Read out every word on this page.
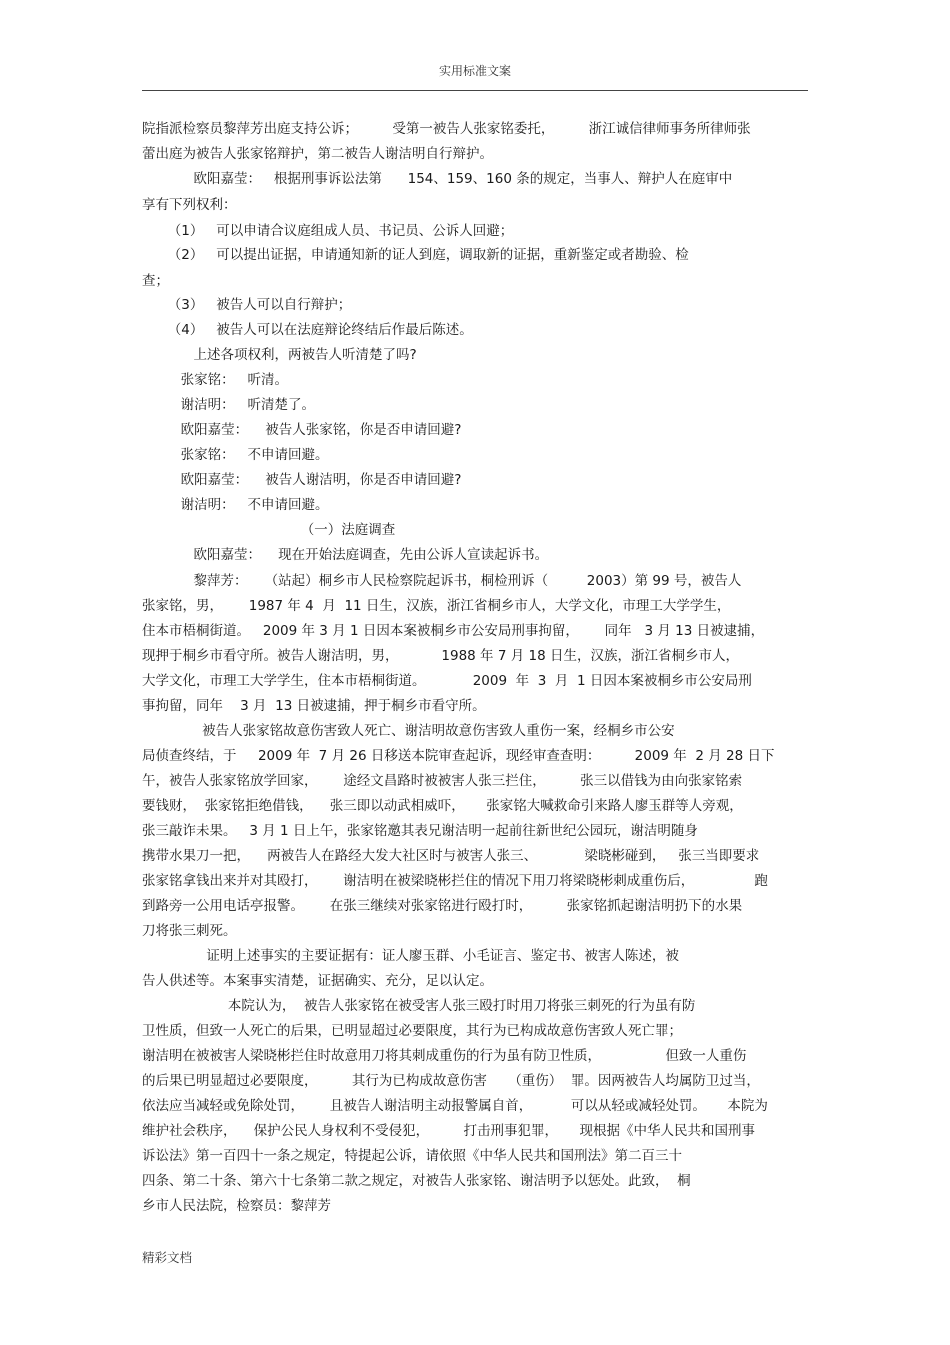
实用标准文案
院指派检察员黎萍芳出庭支持公诉；        受第一被告人张家铭委托，        浙江诚信律师事务所律师张
蕾出庭为被告人张家铭辩护，第二被告人谢洁明自行辩护。
欧阳嘉莹：   根据刑事诉讼法第      154、159、160 条的规定，当事人、辩护人在庭审中
享有下列权利：
（1）   可以申请合议庭组成人员、书记员、公诉人回避；
（2）   可以提出证据，申请通知新的证人到庭，调取新的证据，重新鉴定或者勘验、检
查；
（3）   被告人可以自行辩护；
（4）   被告人可以在法庭辩论终结后作最后陈述。
上述各项权利，两被告人听清楚了吗?
张家铭：   听清。
谢洁明：   听清楚了。
欧阳嘉莹：    被告人张家铭，你是否申请回避?
张家铭：   不申请回避。
欧阳嘉莹：    被告人谢洁明，你是否申请回避?
谢洁明：   不申请回避。
（一）法庭调查
欧阳嘉莹：    现在开始法庭调查，先由公诉人宣读起诉书。
黎萍芳：    （站起）桐乡市人民检察院起诉书，桐检刑诉（         2003）第 99 号，被告人
张家铭，男，      1987 年 4  月  11 日生，汉族，浙江省桐乡市人，大学文化，市理工大学学生，
住本市梧桐街道。   2009 年 3 月 1 日因本案被桐乡市公安局刑事拘留，      同年   3 月 13 日被逮捕，
现押于桐乡市看守所。被告人谢洁明，男，          1988 年 7 月 18 日生，汉族，浙江省桐乡市人，
大学文化，市理工大学学生，住本市梧桐街道。           2009  年  3  月  1 日因本案被桐乡市公安局刑
事拘留，同年    3 月  13 日被逮捕，押于桐乡市看守所。
被告人张家铭故意伤害致人死亡、谢洁明故意伤害致人重伤一案，经桐乡市公安
局侦查终结，于     2009 年  7 月 26 日移送本院审查起诉，现经审查查明：        2009 年  2 月 28 日下
午，被告人张家铭放学回家，      途经文昌路时被被害人张三拦住，        张三以借钱为由向张家铭索
要钱财，  张家铭拒绝借钱，    张三即以动武相威吓，     张家铭大喊救命引来路人廖玉群等人旁观，
张三敲诈未果。   3 月 1 日上午，张家铭邀其表兄谢洁明一起前往新世纪公园玩，谢洁明随身
携带水果刀一把，    两被告人在路经大发大社区时与被害人张三、           梁晓彬碰到，   张三当即要求
张家铭拿钱出来并对其殴打，      谢洁明在被梁晓彬拦住的情况下用刀将梁晓彬刺成重伤后，              跑
到路旁一公用电话亭报警。      在张三继续对张家铭进行殴打时，        张家铭抓起谢洁明扔下的水果
刀将张三刺死。
证明上述事实的主要证据有：证人廖玉群、小毛证言、鉴定书、被害人陈述，被
告人供述等。本案事实清楚，证据确实、充分，足以认定。
本院认为，  被告人张家铭在被受害人张三殴打时用刀将张三刺死的行为虽有防
卫性质，但致一人死亡的后果，已明显超过必要限度，其行为已构成故意伤害致人死亡罪；
谢洁明在被被害人梁晓彬拦住时故意用刀将其刺成重伤的行为虽有防卫性质，               但致一人重伤
的后果已明显超过必要限度，        其行为已构成故意伤害     （重伤）  罪。因两被告人均属防卫过当，
依法应当减轻或免除处罚，      且被告人谢洁明主动报警属自首，         可以从轻或减轻处罚。     本院为
维护社会秩序，    保护公民人身权利不受侵犯，        打击刑事犯罪，     现根据《中华人民共和国刑事
诉讼法》第一百四十一条之规定，特提起公诉，请依照《中华人民共和国刑法》第二百三十
四条、第二十条、第六十七条第二款之规定，对被告人张家铭、谢洁明予以惩处。此致，  桐
乡市人民法院，检察员：黎萍芳
精彩文档
